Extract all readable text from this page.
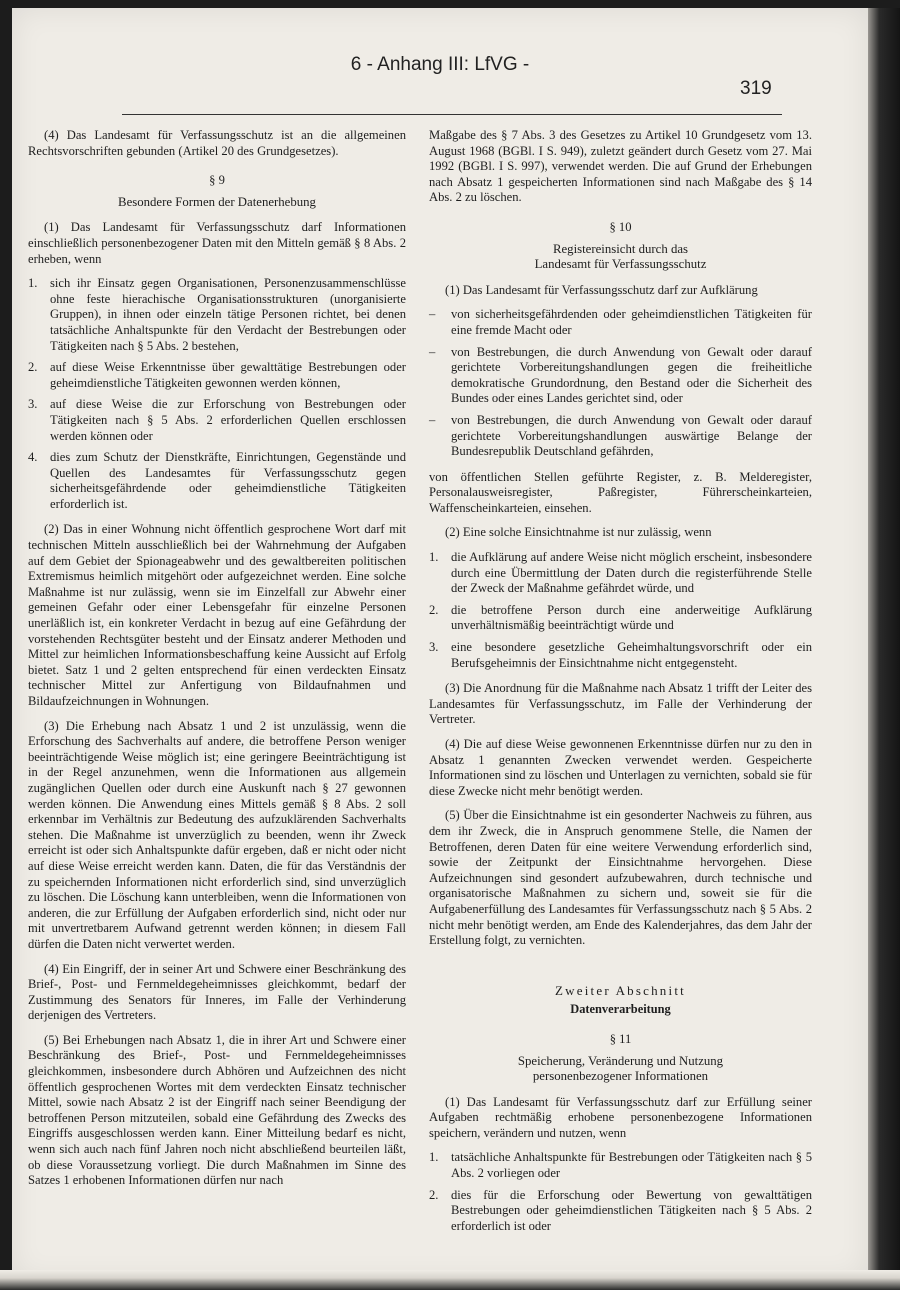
6 - Anhang III: LfVG -
319

(4) Das Landesamt für Verfassungsschutz ist an die allgemeinen Rechtsvorschriften gebunden (Artikel 20 des Grundgesetzes).

§ 9
Besondere Formen der Datenerhebung

(1) Das Landesamt für Verfassungsschutz darf Informationen einschließlich personenbezogener Daten mit den Mitteln gemäß § 8 Abs. 2 erheben, wenn

1. sich ihr Einsatz gegen Organisationen, Personenzusammenschlüsse ohne feste hierachische Organisationsstrukturen (unorganisierte Gruppen), in ihnen oder einzeln tätige Personen richtet, bei denen tatsächliche Anhaltspunkte für den Verdacht der Bestrebungen oder Tätigkeiten nach § 5 Abs. 2 bestehen,
2. auf diese Weise Erkenntnisse über gewalttätige Bestrebungen oder geheimdienstliche Tätigkeiten gewonnen werden können,
3. auf diese Weise die zur Erforschung von Bestrebungen oder Tätigkeiten nach § 5 Abs. 2 erforderlichen Quellen erschlossen werden können oder
4. dies zum Schutz der Dienstkräfte, Einrichtungen, Gegenstände und Quellen des Landesamtes für Verfassungsschutz gegen sicherheitsgefährdende oder geheimdienstliche Tätigkeiten erforderlich ist.

(2) Das in einer Wohnung nicht öffentlich gesprochene Wort darf mit technischen Mitteln ausschließlich bei der Wahrnehmung der Aufgaben auf dem Gebiet der Spionageabwehr und des gewaltbereiten politischen Extremismus heimlich mitgehört oder aufgezeichnet werden. Eine solche Maßnahme ist nur zulässig, wenn sie im Einzelfall zur Abwehr einer gemeinen Gefahr oder einer Lebensgefahr für einzelne Personen unerläßlich ist, ein konkreter Verdacht in bezug auf eine Gefährdung der vorstehenden Rechtsgüter besteht und der Einsatz anderer Methoden und Mittel zur heimlichen Informationsbeschaffung keine Aussicht auf Erfolg bietet. Satz 1 und 2 gelten entsprechend für einen verdeckten Einsatz technischer Mittel zur Anfertigung von Bildaufnahmen und Bildaufzeichnungen in Wohnungen.

(3) Die Erhebung nach Absatz 1 und 2 ist unzulässig, wenn die Erforschung des Sachverhalts auf andere, die betroffene Person weniger beeinträchtigende Weise möglich ist; eine geringere Beeinträchtigung ist in der Regel anzunehmen, wenn die Informationen aus allgemein zugänglichen Quellen oder durch eine Auskunft nach § 27 gewonnen werden können. Die Anwendung eines Mittels gemäß § 8 Abs. 2 soll erkennbar im Verhältnis zur Bedeutung des aufzuklärenden Sachverhalts stehen. Die Maßnahme ist unverzüglich zu beenden, wenn ihr Zweck erreicht ist oder sich Anhaltspunkte dafür ergeben, daß er nicht oder nicht auf diese Weise erreicht werden kann. Daten, die für das Verständnis der zu speichernden Informationen nicht erforderlich sind, sind unverzüglich zu löschen. Die Löschung kann unterbleiben, wenn die Informationen von anderen, die zur Erfüllung der Aufgaben erforderlich sind, nicht oder nur mit unvertretbarem Aufwand getrennt werden können; in diesem Fall dürfen die Daten nicht verwertet werden.

(4) Ein Eingriff, der in seiner Art und Schwere einer Beschränkung des Brief-, Post- und Fernmeldegeheimnisses gleichkommt, bedarf der Zustimmung des Senators für Inneres, im Falle der Verhinderung derjenigen des Vertreters.

(5) Bei Erhebungen nach Absatz 1, die in ihrer Art und Schwere einer Beschränkung des Brief-, Post- und Fernmeldegeheimnisses gleichkommen, insbesondere durch Abhören und Aufzeichnen des nicht öffentlich gesprochenen Wortes mit dem verdeckten Einsatz technischer Mittel, sowie nach Absatz 2 ist der Eingriff nach seiner Beendigung der betroffenen Person mitzuteilen, sobald eine Gefährdung des Zwecks des Eingriffs ausgeschlossen werden kann. Einer Mitteilung bedarf es nicht, wenn sich auch nach fünf Jahren noch nicht abschließend beurteilen läßt, ob diese Voraussetzung vorliegt. Die durch Maßnahmen im Sinne des Satzes 1 erhobenen Informationen dürfen nur nach

Maßgabe des § 7 Abs. 3 des Gesetzes zu Artikel 10 Grundgesetz vom 13. August 1968 (BGBl. I S. 949), zuletzt geändert durch Gesetz vom 27. Mai 1992 (BGBl. I S. 997), verwendet werden. Die auf Grund der Erhebungen nach Absatz 1 gespeicherten Informationen sind nach Maßgabe des § 14 Abs. 2 zu löschen.

§ 10
Registereinsicht durch das
Landesamt für Verfassungsschutz

(1) Das Landesamt für Verfassungsschutz darf zur Aufklärung

–	von sicherheitsgefährdenden oder geheimdienstlichen Tätigkeiten für eine fremde Macht oder
–	von Bestrebungen, die durch Anwendung von Gewalt oder darauf gerichtete Vorbereitungshandlungen gegen die freiheitliche demokratische Grundordnung, den Bestand oder die Sicherheit des Bundes oder eines Landes gerichtet sind, oder
–	von Bestrebungen, die durch Anwendung von Gewalt oder darauf gerichtete Vorbereitungshandlungen auswärtige Belange der Bundesrepublik Deutschland gefährden,

von öffentlichen Stellen geführte Register, z. B. Melderegister, Personalausweisregister, Paßregister, Führerscheinkarteien, Waffenscheinkarteien, einsehen.

(2) Eine solche Einsichtnahme ist nur zulässig, wenn

1. die Aufklärung auf andere Weise nicht möglich erscheint, insbesondere durch eine Übermittlung der Daten durch die registerführende Stelle der Zweck der Maßnahme gefährdet würde, und
2. die betroffene Person durch eine anderweitige Aufklärung unverhältnismäßig beeinträchtigt würde und
3. eine besondere gesetzliche Geheimhaltungsvorschrift oder ein Berufsgeheimnis der Einsichtnahme nicht entgegensteht.

(3) Die Anordnung für die Maßnahme nach Absatz 1 trifft der Leiter des Landesamtes für Verfassungsschutz, im Falle der Verhinderung der Vertreter.

(4) Die auf diese Weise gewonnenen Erkenntnisse dürfen nur zu den in Absatz 1 genannten Zwecken verwendet werden. Gespeicherte Informationen sind zu löschen und Unterlagen zu vernichten, sobald sie für diese Zwecke nicht mehr benötigt werden.

(5) Über die Einsichtnahme ist ein gesonderter Nachweis zu führen, aus dem ihr Zweck, die in Anspruch genommene Stelle, die Namen der Betroffenen, deren Daten für eine weitere Verwendung erforderlich sind, sowie der Zeitpunkt der Einsichtnahme hervorgehen. Diese Aufzeichnungen sind gesondert aufzubewahren, durch technische und organisatorische Maßnahmen zu sichern und, soweit sie für die Aufgabenerfüllung des Landesamtes für Verfassungsschutz nach § 5 Abs. 2 nicht mehr benötigt werden, am Ende des Kalenderjahres, das dem Jahr der Erstellung folgt, zu vernichten.

Zweiter Abschnitt
Datenverarbeitung
§ 11
Speicherung, Veränderung und Nutzung
personenbezogener Informationen

(1) Das Landesamt für Verfassungsschutz darf zur Erfüllung seiner Aufgaben rechtmäßig erhobene personenbezogene Informationen speichern, verändern und nutzen, wenn

1. tatsächliche Anhaltspunkte für Bestrebungen oder Tätigkeiten nach § 5 Abs. 2 vorliegen oder
2. dies für die Erforschung oder Bewertung von gewalttätigen Bestrebungen oder geheimdienstlichen Tätigkeiten nach § 5 Abs. 2 erforderlich ist oder
